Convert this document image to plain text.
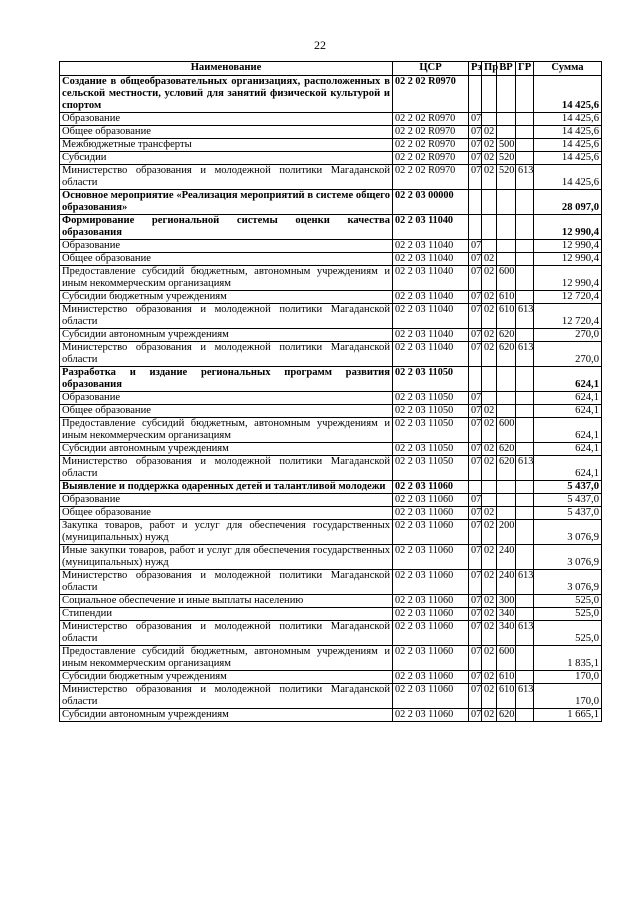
22
Наименование	ЦСР	Рз	Пр	ВР	ГР	Сумма
Создание в общеобразовательных организациях, расположенных в сельской местности, условий для занятий физической культурой и спортом	02 2 02 R0970					14 425,6
Образование	02 2 02 R0970	07				14 425,6
Общее образование	02 2 02 R0970	07	02			14 425,6
Межбюджетные трансферты	02 2 02 R0970	07	02	500		14 425,6
Субсидии	02 2 02 R0970	07	02	520		14 425,6
Министерство образования и молодежной политики Магаданской области	02 2 02 R0970	07	02	520	613	14 425,6
Основное мероприятие «Реализация мероприятий в системе общего образования»	02 2 03 00000					28 097,0
Формирование региональной системы оценки качества образования	02 2 03 11040					12 990,4
Образование	02 2 03 11040	07				12 990,4
Общее образование	02 2 03 11040	07	02			12 990,4
Предоставление субсидий бюджетным, автономным учреждениям и иным некоммерческим организациям	02 2 03 11040	07	02	600		12 990,4
Субсидии бюджетным учреждениям	02 2 03 11040	07	02	610		12 720,4
Министерство образования и молодежной политики Магаданской области	02 2 03 11040	07	02	610	613	12 720,4
Субсидии автономным учреждениям	02 2 03 11040	07	02	620		270,0
Министерство образования и молодежной политики Магаданской области	02 2 03 11040	07	02	620	613	270,0
Разработка и издание региональных программ развития образования	02 2 03 11050					624,1
Образование	02 2 03 11050	07				624,1
Общее образование	02 2 03 11050	07	02			624,1
Предоставление субсидий бюджетным, автономным учреждениям и иным некоммерческим организациям	02 2 03 11050	07	02	600		624,1
Субсидии автономным учреждениям	02 2 03 11050	07	02	620		624,1
Министерство образования и молодежной политики Магаданской области	02 2 03 11050	07	02	620	613	624,1
Выявление и поддержка одаренных детей и талантливой молодежи	02 2 03 11060					5 437,0
Образование	02 2 03 11060	07				5 437,0
Общее образование	02 2 03 11060	07	02			5 437,0
Закупка товаров, работ и услуг для обеспечения государственных (муниципальных) нужд	02 2 03 11060	07	02	200		3 076,9
Иные закупки товаров, работ и услуг для обеспечения государственных (муниципальных) нужд	02 2 03 11060	07	02	240		3 076,9
Министерство образования и молодежной политики Магаданской области	02 2 03 11060	07	02	240	613	3 076,9
Социальное обеспечение и иные выплаты населению	02 2 03 11060	07	02	300		525,0
Стипендии	02 2 03 11060	07	02	340		525,0
Министерство образования и молодежной политики Магаданской области	02 2 03 11060	07	02	340	613	525,0
Предоставление субсидий бюджетным, автономным учреждениям и иным некоммерческим организациям	02 2 03 11060	07	02	600		1 835,1
Субсидии бюджетным учреждениям	02 2 03 11060	07	02	610		170,0
Министерство образования и молодежной политики Магаданской области	02 2 03 11060	07	02	610	613	170,0
Субсидии автономным учреждениям	02 2 03 11060	07	02	620		1 665,1
